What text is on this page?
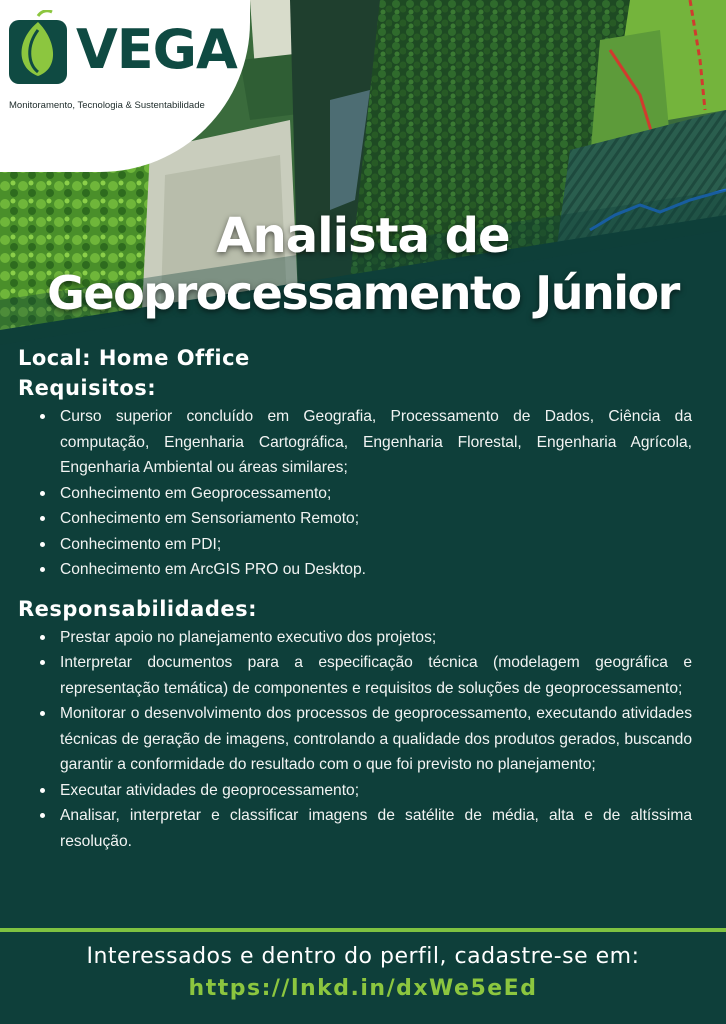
VEGA
Monitoramento, Tecnologia & Sustentabilidade
Analista de
Geoprocessamento Júnior

Local: Home Office

Requisitos:
Curso superior concluído em Geografia, Processamento de Dados, Ciência da computação, Engenharia Cartográfica, Engenharia Florestal, Engenharia Agrícola, Engenharia Ambiental ou áreas similares;
Conhecimento em Geoprocessamento;
Conhecimento em Sensoriamento Remoto;
Conhecimento em PDI;
Conhecimento em ArcGIS PRO ou Desktop.
Responsabilidades:
Prestar apoio no planejamento executivo dos projetos;
Interpretar documentos para a especificação técnica (modelagem geográfica e representação temática) de componentes e requisitos de soluções de geoprocessamento;
Monitorar o desenvolvimento dos processos de geoprocessamento, executando atividades técnicas de geração de imagens, controlando a qualidade dos produtos gerados, buscando garantir a conformidade do resultado com o que foi previsto no planejamento;
Executar atividades de geoprocessamento;
Analisar, interpretar e classificar imagens de satélite de média, alta e de altíssima resolução.
Interessados e dentro do perfil, cadastre-se em:
https://lnkd.in/dxWe5eEd
